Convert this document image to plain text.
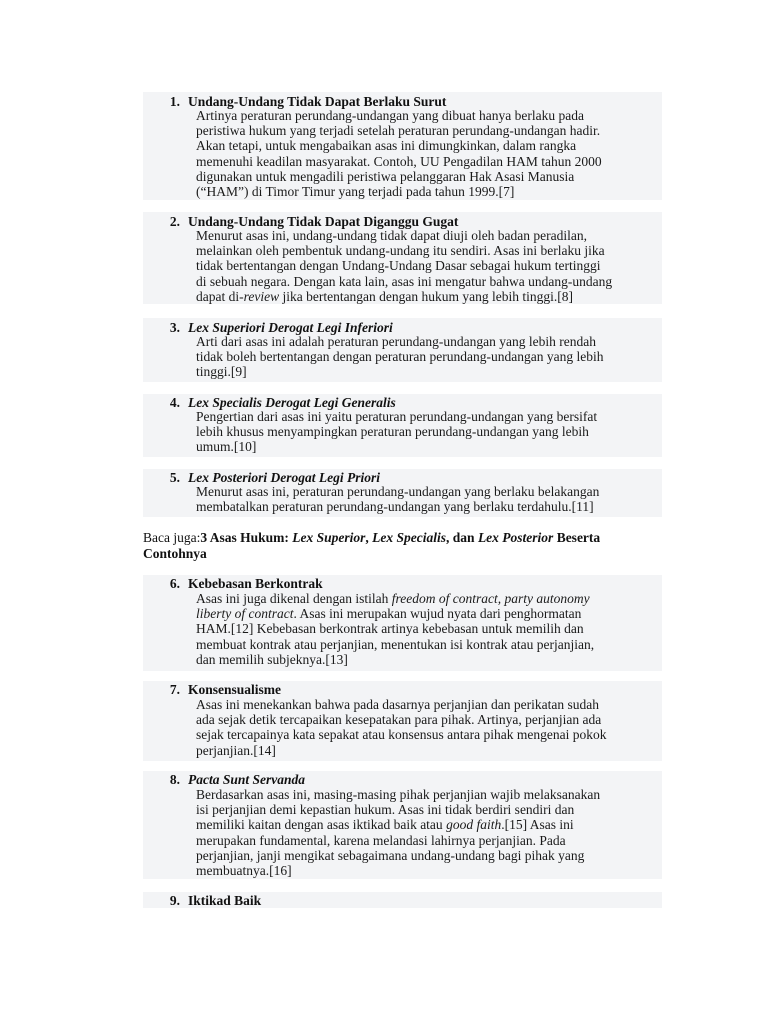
1. Undang-Undang Tidak Dapat Berlaku Surut
Artinya peraturan perundang-undangan yang dibuat hanya berlaku pada
peristiwa hukum yang terjadi setelah peraturan perundang-undangan hadir.
Akan tetapi, untuk mengabaikan asas ini dimungkinkan, dalam rangka
memenuhi keadilan masyarakat. Contoh, UU Pengadilan HAM tahun 2000
digunakan untuk mengadili peristiwa pelanggaran Hak Asasi Manusia
(“HAM”) di Timor Timur yang terjadi pada tahun 1999.[7]
2. Undang-Undang Tidak Dapat Diganggu Gugat
Menurut asas ini, undang-undang tidak dapat diuji oleh badan peradilan,
melainkan oleh pembentuk undang-undang itu sendiri. Asas ini berlaku jika
tidak bertentangan dengan Undang-Undang Dasar sebagai hukum tertinggi
di sebuah negara. Dengan kata lain, asas ini mengatur bahwa undang-undang
dapat di-review jika bertentangan dengan hukum yang lebih tinggi.[8]
3. Lex Superiori Derogat Legi Inferiori
Arti dari asas ini adalah peraturan perundang-undangan yang lebih rendah
tidak boleh bertentangan dengan peraturan perundang-undangan yang lebih
tinggi.[9]
4. Lex Specialis Derogat Legi Generalis
Pengertian dari asas ini yaitu peraturan perundang-undangan yang bersifat
lebih khusus menyampingkan peraturan perundang-undangan yang lebih
umum.[10]
5. Lex Posteriori Derogat Legi Priori
Menurut asas ini, peraturan perundang-undangan yang berlaku belakangan
membatalkan peraturan perundang-undangan yang berlaku terdahulu.[11]
Baca juga:3 Asas Hukum: Lex Superior, Lex Specialis, dan Lex Posterior Beserta
Contohnya
6. Kebebasan Berkontrak
Asas ini juga dikenal dengan istilah freedom of contract, party autonomy
liberty of contract. Asas ini merupakan wujud nyata dari penghormatan
HAM.[12] Kebebasan berkontrak artinya kebebasan untuk memilih dan
membuat kontrak atau perjanjian, menentukan isi kontrak atau perjanjian,
dan memilih subjeknya.[13]
7. Konsensualisme
Asas ini menekankan bahwa pada dasarnya perjanjian dan perikatan sudah
ada sejak detik tercapaikan kesepatakan para pihak. Artinya, perjanjian ada
sejak tercapainya kata sepakat atau konsensus antara pihak mengenai pokok
perjanjian.[14]
8. Pacta Sunt Servanda
Berdasarkan asas ini, masing-masing pihak perjanjian wajib melaksanakan
isi perjanjian demi kepastian hukum. Asas ini tidak berdiri sendiri dan
memiliki kaitan dengan asas iktikad baik atau good faith.[15] Asas ini
merupakan fundamental, karena melandasi lahirnya perjanjian. Pada
perjanjian, janji mengikat sebagaimana undang-undang bagi pihak yang
membuatnya.[16]
9. Iktikad Baik
